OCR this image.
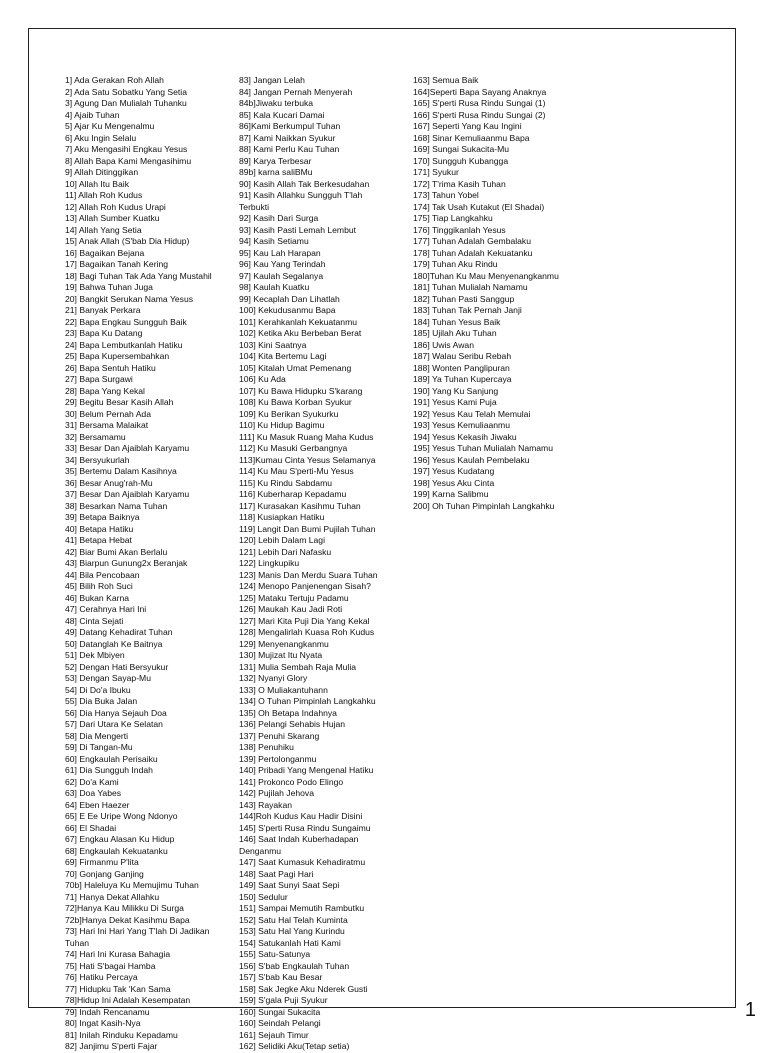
1] Ada Gerakan Roh Allah
2] Ada Satu Sobatku Yang Setia
3] Agung Dan Mulialah Tuhanku
4] Ajaib Tuhan
5] Ajar Ku Mengenalmu
6] Aku Ingin Selalu
7] Aku Mengasihi Engkau Yesus
8] Allah Bapa Kami Mengasihimu
9] Allah Ditinggikan
10] Allah Itu Baik
11] Allah Roh Kudus
12] Allah Roh Kudus Urapi
13] Allah Sumber Kuatku
14] Allah Yang Setia
15] Anak Allah (S'bab Dia Hidup)
16] Bagaikan Bejana
17] Bagaikan Tanah Kering
18] Bagi Tuhan Tak Ada Yang Mustahil
19] Bahwa Tuhan Juga
20] Bangkit Serukan Nama Yesus
21] Banyak Perkara
22] Bapa Engkau Sungguh Baik
23] Bapa Ku Datang
24] Bapa Lembutkanlah Hatiku
25] Bapa Kupersembahkan
26] Bapa Sentuh Hatiku
27] Bapa Surgawi
28] Bapa Yang Kekal
29] Begitu Besar Kasih Allah
30] Belum Pernah Ada
31] Bersama Malaikat
32] Bersamamu
33] Besar Dan Ajaiblah Karyamu
34] Bersyukurlah
35] Bertemu Dalam Kasihnya
36] Besar Anug'rah-Mu
37] Besar Dan Ajaiblah Karyamu
38] Besarkan Nama Tuhan
39] Betapa Baiknya
40] Betapa Hatiku
41] Betapa Hebat
42] Biar Bumi Akan Berlalu
43] Biarpun Gunung2x Beranjak
44] Bila Pencobaan
45] Bilih Roh Suci
46] Bukan Karna
47] Cerahnya Hari Ini
48] Cinta Sejati
49] Datang Kehadirat Tuhan
50] Datanglah Ke Baitnya
51] Dek Mbiyen
52] Dengan Hati Bersyukur
53] Dengan Sayap-Mu
54] Di Do'a Ibuku
55] Dia Buka Jalan
56] Dia Hanya Sejauh Doa
57] Dari Utara Ke Selatan
58] Dia Mengerti
59] Di Tangan-Mu
60] Engkaulah Perisaiku
61] Dia Sungguh Indah
62] Do'a Kami
63] Doa Yabes
64] Eben Haezer
65] E Ee Uripe Wong Ndonyo
66] El Shadai
67] Engkau Alasan Ku Hidup
68] Engkaulah Kekuatanku
69] Firmanmu P'lita
70] Gonjang Ganjing
70b] Haleluya Ku Memujimu Tuhan
71] Hanya Dekat Allahku
72]Hanya Kau Milikku Di Surga
72b]Hanya Dekat Kasihmu Bapa
73] Hari Ini Hari Yang T'lah Di Jadikan
Tuhan
74] Hari Ini Kurasa Bahagia
75] Hati S'bagai Hamba
76] Hatiku Percaya
77] Hidupku Tak 'Kan Sama
78]Hidup Ini Adalah Kesempatan
79] Indah Rencanamu
80] Ingat Kasih-Nya
81] Inilah Rinduku Kepadamu
82] Janjimu S'perti Fajar
83] Jangan Lelah
84] Jangan Pernah Menyerah
84b]Jiwaku terbuka
85] Kala Kucari Damai
86]Kami Berkumpul Tuhan
87] Kami Naikkan Syukur
88] Kami Perlu Kau Tuhan
89] Karya Terbesar
89b] karna saliBMu
90] Kasih Allah Tak Berkesudahan
91] Kasih Allahku Sungguh T'lah
Terbukti
92] Kasih Dari Surga
93] Kasih Pasti Lemah Lembut
94] Kasih Setiamu
95] Kau Lah Harapan
96] Kau Yang Terindah
97] Kaulah Segalanya
98] Kaulah Kuatku
99] Kecaplah Dan Lihatlah
100] Kekudusanmu Bapa
101] Kerahkanlah Kekuatanmu
102] Ketika Aku Berbeban Berat
103] Kini Saatnya
104] Kita Bertemu Lagi
105] Kitalah Umat Pemenang
106] Ku Ada
107] Ku Bawa Hidupku S'karang
108] Ku Bawa Korban Syukur
109] Ku Berikan Syukurku
110] Ku Hidup Bagimu
111] Ku Masuk Ruang Maha Kudus
112] Ku Masuki Gerbangnya
113]Kumau Cinta Yesus Selamanya
114] Ku Mau S'perti-Mu Yesus
115] Ku Rindu Sabdamu
116] Kuberharap Kepadamu
117] Kurasakan Kasihmu Tuhan
118] Kusiapkan Hatiku
119] Langit Dan Bumi Pujilah Tuhan
120] Lebih Dalam Lagi
121] Lebih Dari Nafasku
122] Lingkupiku
123] Manis Dan Merdu Suara Tuhan
124] Menopo Panjenengan Sisah?
125] Mataku Tertuju Padamu
126] Maukah Kau Jadi Roti
127] Mari Kita Puji Dia Yang Kekal
128] Mengalirlah Kuasa Roh Kudus
129] Menyenangkanmu
130] Mujizat Itu Nyata
131] Mulia Sembah Raja Mulia
132] Nyanyi Glory
133] O Muliakantuhann
134] O Tuhan Pimpinlah Langkahku
135] Oh Betapa Indahnya
136] Pelangi Sehabis Hujan
137] Penuhi Skarang
138] Penuhiku
139] Pertolonganmu
140] Pribadi Yang Mengenal Hatiku
141] Prokonco Podo Elingo
142] Pujilah Jehova
143] Rayakan
144]Roh Kudus Kau Hadir Disini
145] S'perti Rusa Rindu Sungaimu
146] Saat Indah Kuberhadapan
Denganmu
147] Saat Kumasuk Kehadiratmu
148] Saat Pagi Hari
149] Saat Sunyi Saat Sepi
150] Sedulur
151] Sampai Memutih Rambutku
152] Satu Hal Telah Kuminta
153] Satu Hal Yang Kurindu
154] Satukanlah Hati Kami
155] Satu-Satunya
156] S'bab Engkaulah Tuhan
157] S'bab Kau Besar
158] Sak Jegke Aku Nderek Gusti
159] S'gala Puji Syukur
160] Sungai Sukacita
160] Seindah Pelangi
161] Sejauh Timur
162] Selidiki Aku(Tetap setia)
163] Semua Baik
164]Seperti Bapa Sayang Anaknya
165] S'perti Rusa Rindu Sungai (1)
166] S'perti Rusa Rindu Sungai (2)
167] Seperti Yang Kau Ingini
168] Sinar Kemuliaanmu Bapa
169] Sungai Sukacita-Mu
170] Sungguh Kubangga
171] Syukur
172] T'rima Kasih Tuhan
173] Tahun Yobel
174] Tak Usah Kutakut (El Shadai)
175] Tiap Langkahku
176] Tinggikanlah Yesus
177] Tuhan Adalah Gembalaku
178] Tuhan Adalah Kekuatanku
179] Tuhan Aku Rindu
180]Tuhan Ku Mau Menyenangkanmu
181] Tuhan Mulialah Namamu
182] Tuhan Pasti Sanggup
183] Tuhan Tak Pernah Janji
184] Tuhan Yesus Baik
185] Ujilah Aku Tuhan
186] Uwis Awan
187] Walau Seribu Rebah
188] Wonten Panglipuran
189] Ya Tuhan Kupercaya
190] Yang Ku Sanjung
191] Yesus Kami Puja
192] Yesus Kau Telah Memulai
193] Yesus Kemuliaanmu
194] Yesus Kekasih Jiwaku
195] Yesus Tuhan Mulialah Namamu
196] Yesus Kaulah Pembelaku
197] Yesus Kudatang
198] Yesus Aku Cinta
199] Karna Salibmu
200] Oh Tuhan Pimpinlah Langkahku
1
